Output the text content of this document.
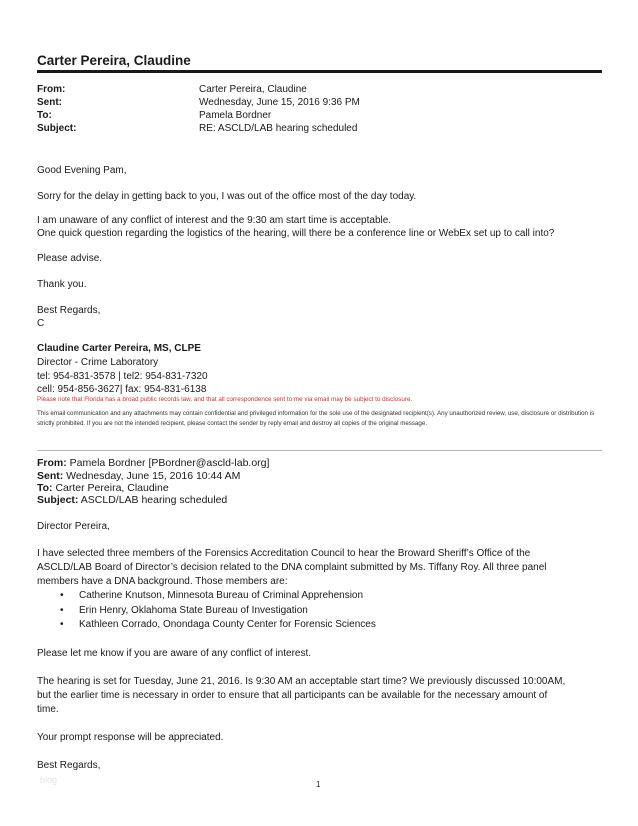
Carter Pereira, Claudine
From:	Carter Pereira, Claudine
Sent:	Wednesday, June 15, 2016 9:36 PM
To:	Pamela Bordner
Subject:	RE: ASCLD/LAB hearing scheduled
Good Evening Pam,
Sorry for the delay in getting back to you, I was out of the office most of the day today.
I am unaware of any conflict of interest and the 9:30 am start time is acceptable.
One quick question regarding the logistics of the hearing, will there be a conference line or WebEx set up to call into?
Please advise.
Thank you.
Best Regards,
C
Claudine Carter Pereira, MS, CLPE
Director - Crime Laboratory
tel: 954-831-3578 | tel2: 954-831-7320
cell: 954-856-3627| fax: 954-831-6138
Please note that Florida has a broad public records law, and that all correspondence sent to me via email may be subject to disclosure.
This email communication and any attachments may contain confidential and privileged information for the sole use of the designated recipient(s). Any unauthorized review, use, disclosure or distribution is strictly prohibited. If you are not the intended recipient, please contact the sender by reply email and destroy all copies of the original message.
From: Pamela Bordner [PBordner@ascld-lab.org]
Sent: Wednesday, June 15, 2016 10:44 AM
To: Carter Pereira, Claudine
Subject: ASCLD/LAB hearing scheduled
Director Pereira,
I have selected three members of the Forensics Accreditation Council to hear the Broward Sheriff’s Office of the
ASCLD/LAB Board of Director’s decision related to the DNA complaint submitted by Ms. Tiffany Roy. All three panel
members have a DNA background. Those members are:
• Catherine Knutson, Minnesota Bureau of Criminal Apprehension
• Erin Henry, Oklahoma State Bureau of Investigation
• Kathleen Corrado, Onondaga County Center for Forensic Sciences
Please let me know if you are aware of any conflict of interest.
The hearing is set for Tuesday, June 21, 2016. Is 9:30 AM an acceptable start time? We previously discussed 10:00AM,
but the earlier time is necessary in order to ensure that all participants can be available for the necessary amount of
time.
Your prompt response will be appreciated.
Best Regards,
blog	1
